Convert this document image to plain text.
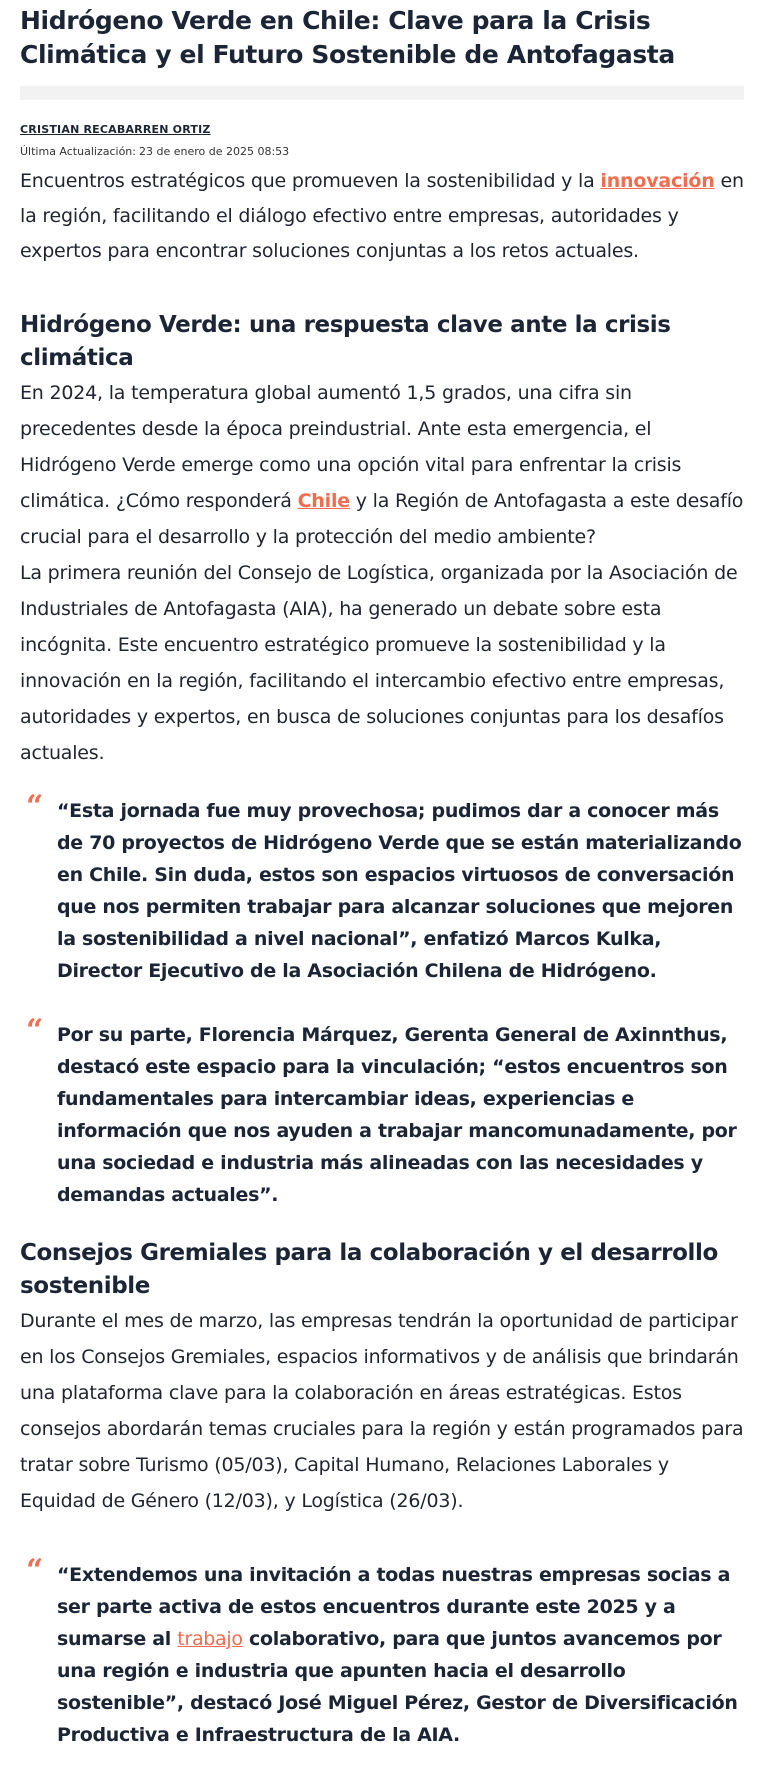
Hidrógeno Verde en Chile: Clave para la Crisis Climática y el Futuro Sostenible de Antofagasta
CRISTIAN RECABARREN ORTIZ
Última Actualización: 23 de enero de 2025 08:53

Encuentros estratégicos que promueven la sostenibilidad y la innovación en la región, facilitando el diálogo efectivo entre empresas, autoridades y expertos para encontrar soluciones conjuntas a los retos actuales.

Hidrógeno Verde: una respuesta clave ante la crisis climática

En 2024, la temperatura global aumentó 1,5 grados, una cifra sin precedentes desde la época preindustrial. Ante esta emergencia, el Hidrógeno Verde emerge como una opción vital para enfrentar la crisis climática. ¿Cómo responderá Chile y la Región de Antofagasta a este desafío crucial para el desarrollo y la protección del medio ambiente?

La primera reunión del Consejo de Logística, organizada por la Asociación de Industriales de Antofagasta (AIA), ha generado un debate sobre esta incógnita. Este encuentro estratégico promueve la sostenibilidad y la innovación en la región, facilitando el intercambio efectivo entre empresas, autoridades y expertos, en busca de soluciones conjuntas para los desafíos actuales.

“ “Esta jornada fue muy provechosa; pudimos dar a conocer más de 70 proyectos de Hidrógeno Verde que se están materializando en Chile. Sin duda, estos son espacios virtuosos de conversación que nos permiten trabajar para alcanzar soluciones que mejoren la sostenibilidad a nivel nacional”, enfatizó Marcos Kulka, Director Ejecutivo de la Asociación Chilena de Hidrógeno.
“ Por su parte, Florencia Márquez, Gerenta General de Axinnthus, destacó este espacio para la vinculación; “estos encuentros son fundamentales para intercambiar ideas, experiencias e información que nos ayuden a trabajar mancomunadamente, por una sociedad e industria más alineadas con las necesidades y demandas actuales”.
Consejos Gremiales para la colaboración y el desarrollo sostenible

Durante el mes de marzo, las empresas tendrán la oportunidad de participar en los Consejos Gremiales, espacios informativos y de análisis que brindarán una plataforma clave para la colaboración en áreas estratégicas. Estos consejos abordarán temas cruciales para la región y están programados para tratar sobre Turismo (05/03), Capital Humano, Relaciones Laborales y Equidad de Género (12/03), y Logística (26/03).

“ “Extendemos una invitación a todas nuestras empresas socias a ser parte activa de estos encuentros durante este 2025 y a sumarse al trabajo colaborativo, para que juntos avancemos por una región e industria que apunten hacia el desarrollo sostenible”, destacó José Miguel Pérez, Gestor de Diversificación Productiva e Infraestructura de la AIA.
